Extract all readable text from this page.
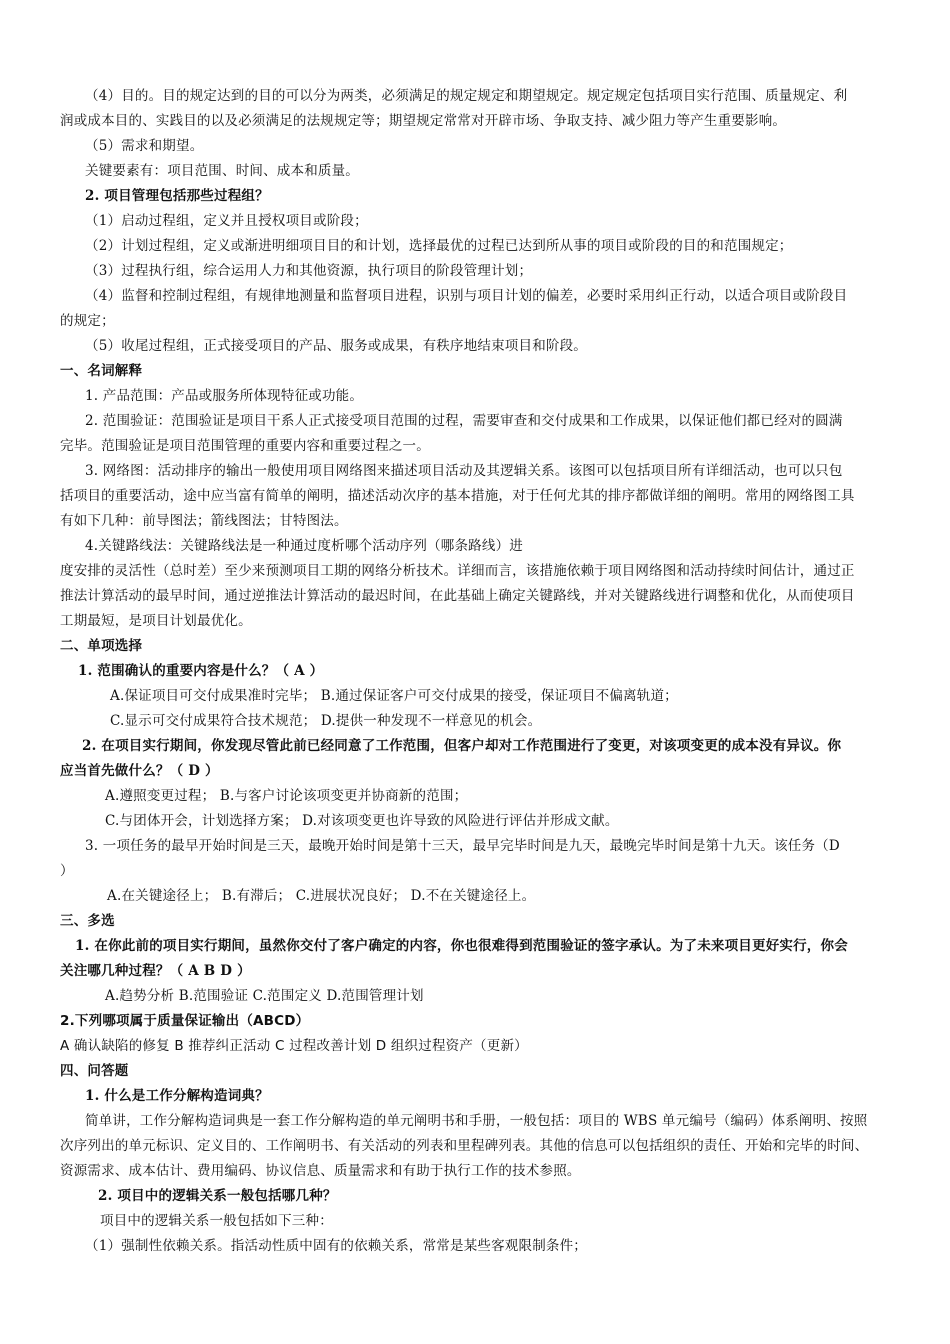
（4）目的。目的规定达到的目的可以分为两类，必须满足的规定规定和期望规定。规定规定包括项目实行范围、质量规定、利
润或成本目的、实践目的以及必须满足的法规规定等；期望规定常常对开辟市场、争取支持、减少阻力等产生重要影响。
（5）需求和期望。
关键要素有：项目范围、时间、成本和质量。
2. 项目管理包括那些过程组？
（1）启动过程组，定义并且授权项目或阶段；
（2）计划过程组，定义或渐进明细项目目的和计划，选择最优的过程已达到所从事的项目或阶段的目的和范围规定；
（3）过程执行组，综合运用人力和其他资源，执行项目的阶段管理计划；
（4）监督和控制过程组，有规律地测量和监督项目进程，识别与项目计划的偏差，必要时采用纠正行动，以适合项目或阶段目
的规定；
（5）收尾过程组，正式接受项目的产品、服务或成果，有秩序地结束项目和阶段。
一、名词解释
1. 产品范围：产品或服务所体现特征或功能。
2. 范围验证：范围验证是项目干系人正式接受项目范围的过程，需要审查和交付成果和工作成果，以保证他们都已经对的圆满
完毕。范围验证是项目范围管理的重要内容和重要过程之一。
3. 网络图：活动排序的输出一般使用项目网络图来描述项目活动及其逻辑关系。该图可以包括项目所有详细活动，也可以只包
括项目的重要活动，途中应当富有简单的阐明，描述活动次序的基本措施，对于任何尤其的排序都做详细的阐明。常用的网络图工具
有如下几种：前导图法；箭线图法；甘特图法。
4.关键路线法：关键路线法是一种通过度析哪个活动序列（哪条路线）进
度安排的灵活性（总时差）至少来预测项目工期的网络分析技术。详细而言，该措施依赖于项目网络图和活动持续时间估计，通过正
推法计算活动的最早时间，通过逆推法计算活动的最迟时间，在此基础上确定关键路线，并对关键路线进行调整和优化，从而使项目
工期最短，是项目计划最优化。
二、单项选择
1. 范围确认的重要内容是什么？（ A ）
A.保证项目可交付成果准时完毕； B.通过保证客户可交付成果的接受，保证项目不偏离轨道；
C.显示可交付成果符合技术规范； D.提供一种发现不一样意见的机会。
2. 在项目实行期间，你发现尽管此前已经同意了工作范围，但客户却对工作范围进行了变更，对该项变更的成本没有异议。你
应当首先做什么？（ D ）
A.遵照变更过程； B.与客户讨论该项变更并协商新的范围；
C.与团体开会，计划选择方案； D.对该项变更也许导致的风险进行评估并形成文献。
3. 一项任务的最早开始时间是三天，最晚开始时间是第十三天，最早完毕时间是九天，最晚完毕时间是第十九天。该任务（D
）
A.在关键途径上； B.有滞后； C.进展状况良好； D.不在关键途径上。
三、多选
1. 在你此前的项目实行期间，虽然你交付了客户确定的内容，你也很难得到范围验证的签字承认。为了未来项目更好实行，你会
关注哪几种过程？（ A B D ）
A.趋势分析 B.范围验证 C.范围定义 D.范围管理计划
2.下列哪项属于质量保证输出（ABCD）
A 确认缺陷的修复 B 推荐纠正活动 C 过程改善计划 D 组织过程资产（更新）
四、问答题
1. 什么是工作分解构造词典？
简单讲，工作分解构造词典是一套工作分解构造的单元阐明书和手册，一般包括：项目的 WBS 单元编号（编码）体系阐明、按照
次序列出的单元标识、定义目的、工作阐明书、有关活动的列表和里程碑列表。其他的信息可以包括组织的责任、开始和完毕的时间、
资源需求、成本估计、费用编码、协议信息、质量需求和有助于执行工作的技术参照。
2. 项目中的逻辑关系一般包括哪几种？
项目中的逻辑关系一般包括如下三种：
（1）强制性依赖关系。指活动性质中固有的依赖关系，常常是某些客观限制条件；
